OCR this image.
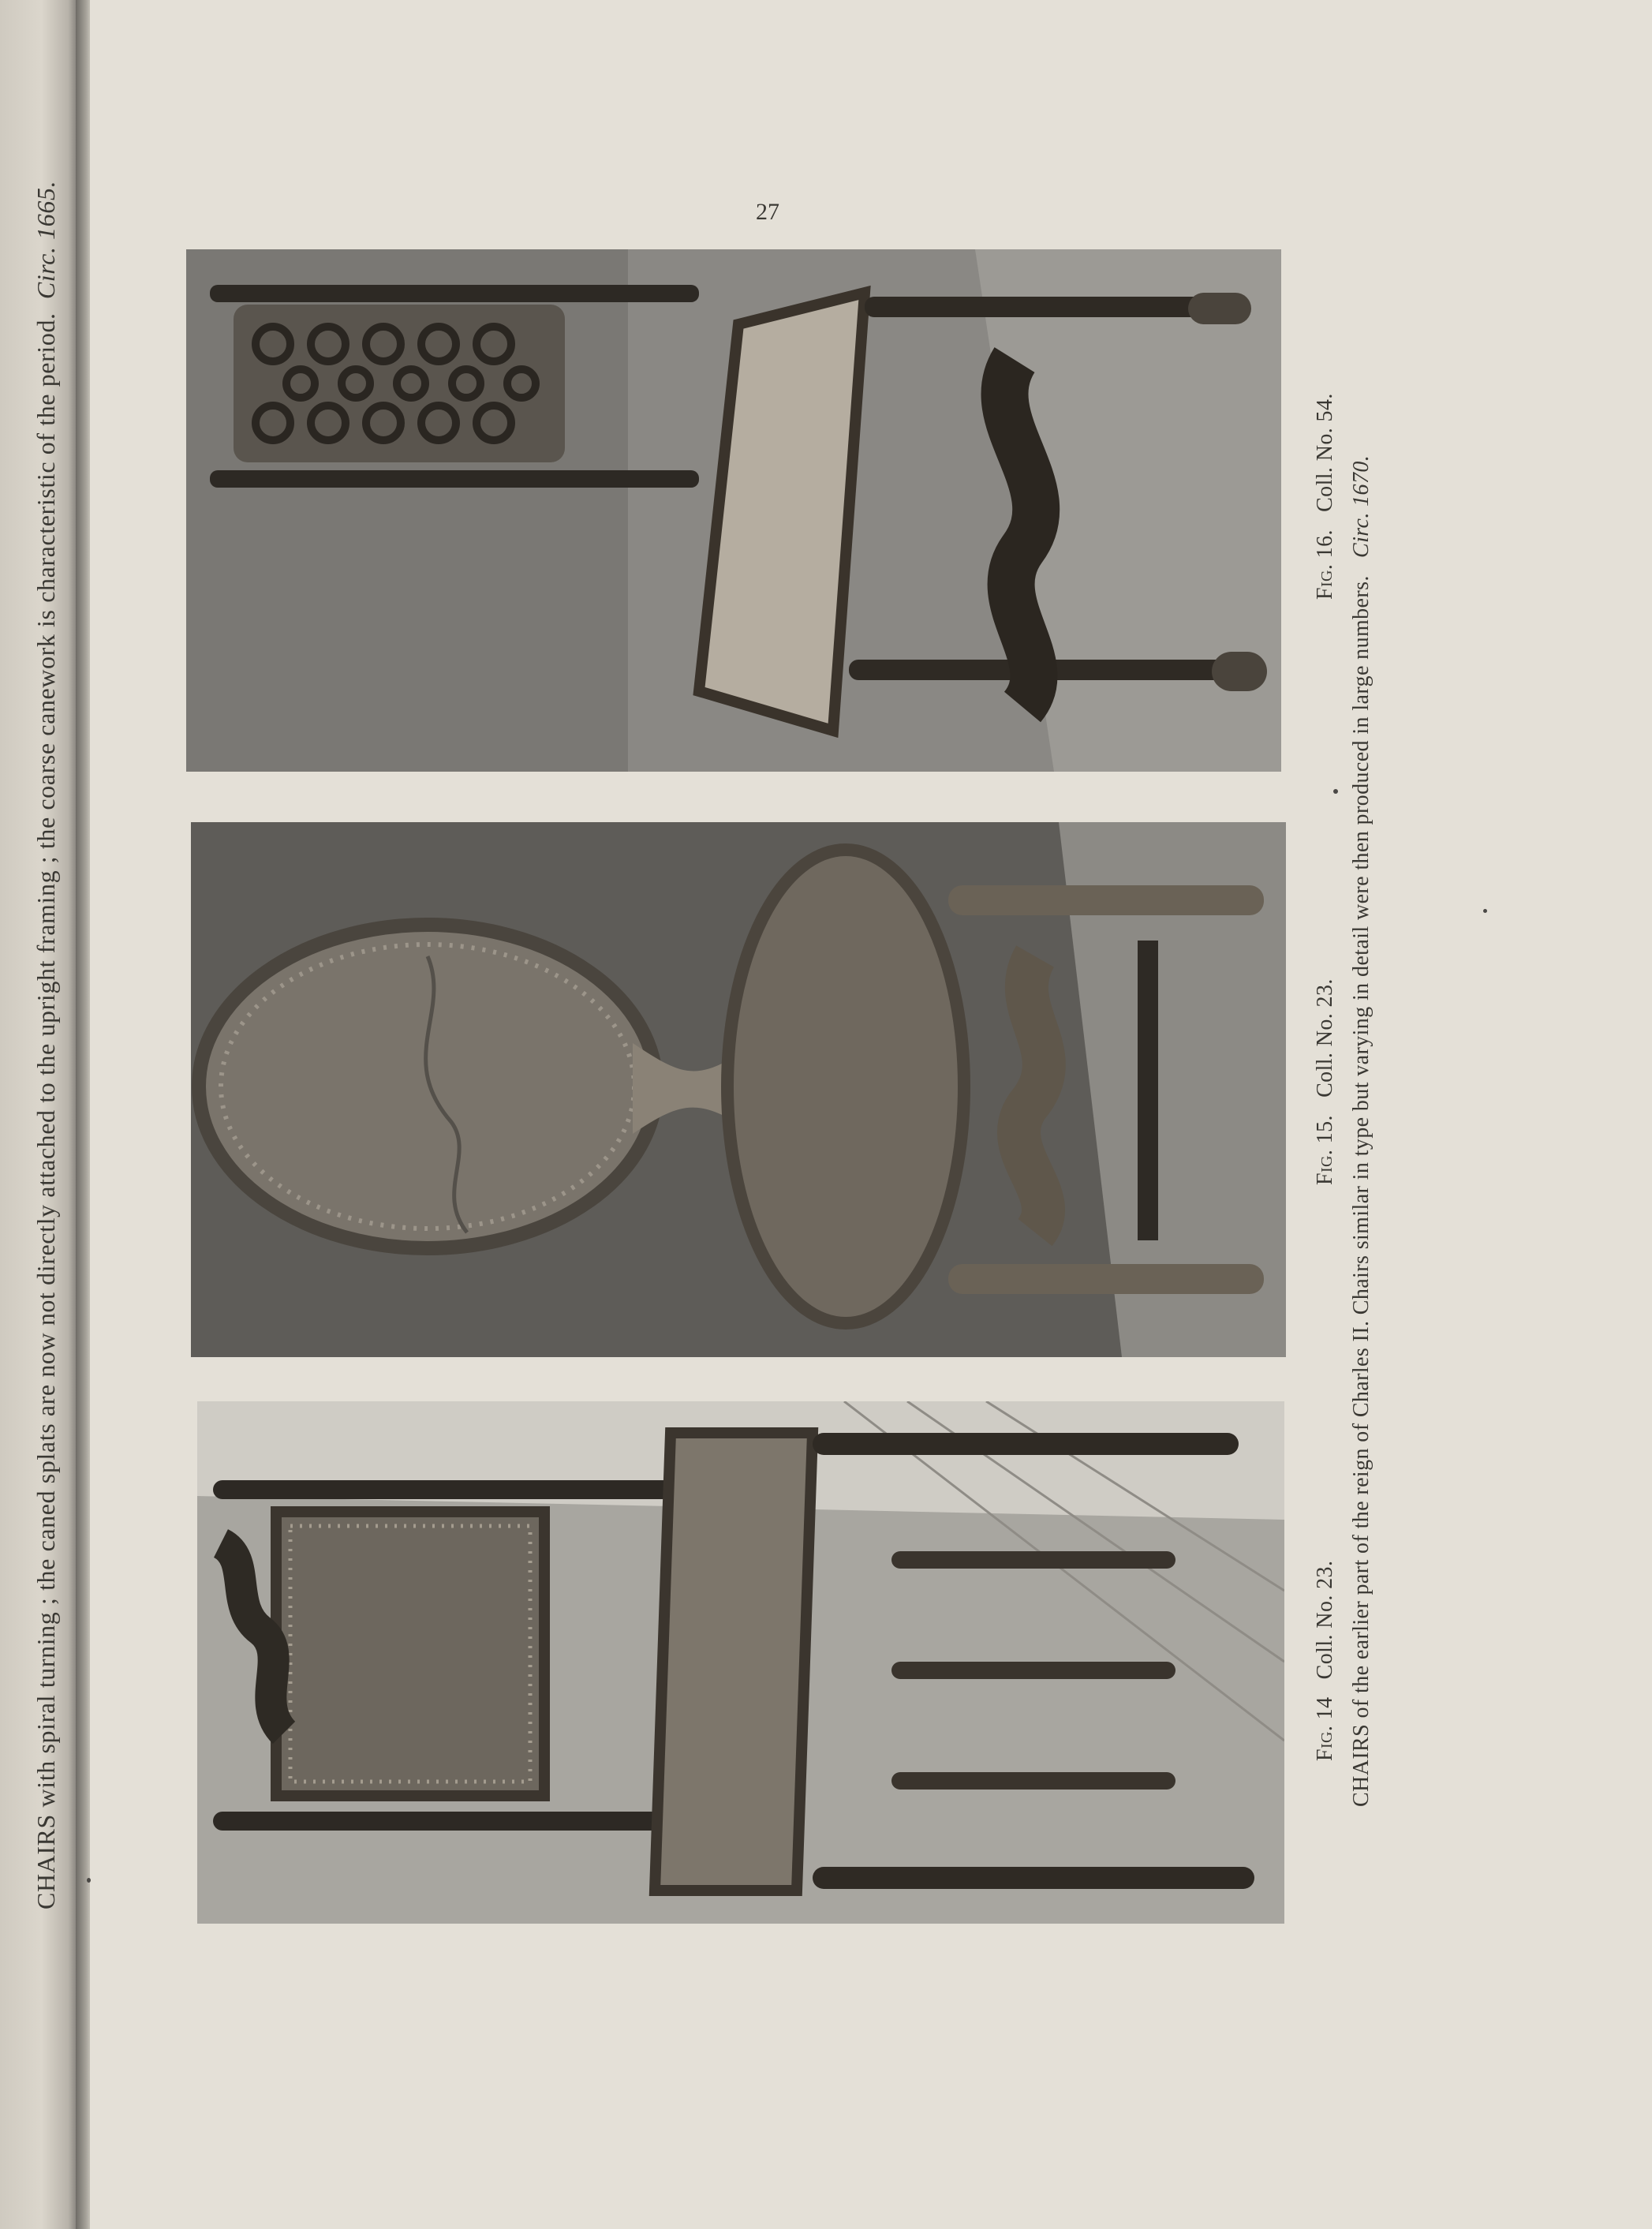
CHAIRS with spiral turning ; the caned splats are now not directly attached to the upright framing ; the coarse canework is characteristic of the period.  Circ. 1665.	27
Fig. 16.   Coll. No. 54.
Fig. 15.   Coll. No. 23.
Fig. 14   Coll. No. 23. CHAIRS of the earlier part of the reign of Charles II. Chairs similar in type but varying in detail were then produced in large numbers.   Circ. 1670.
